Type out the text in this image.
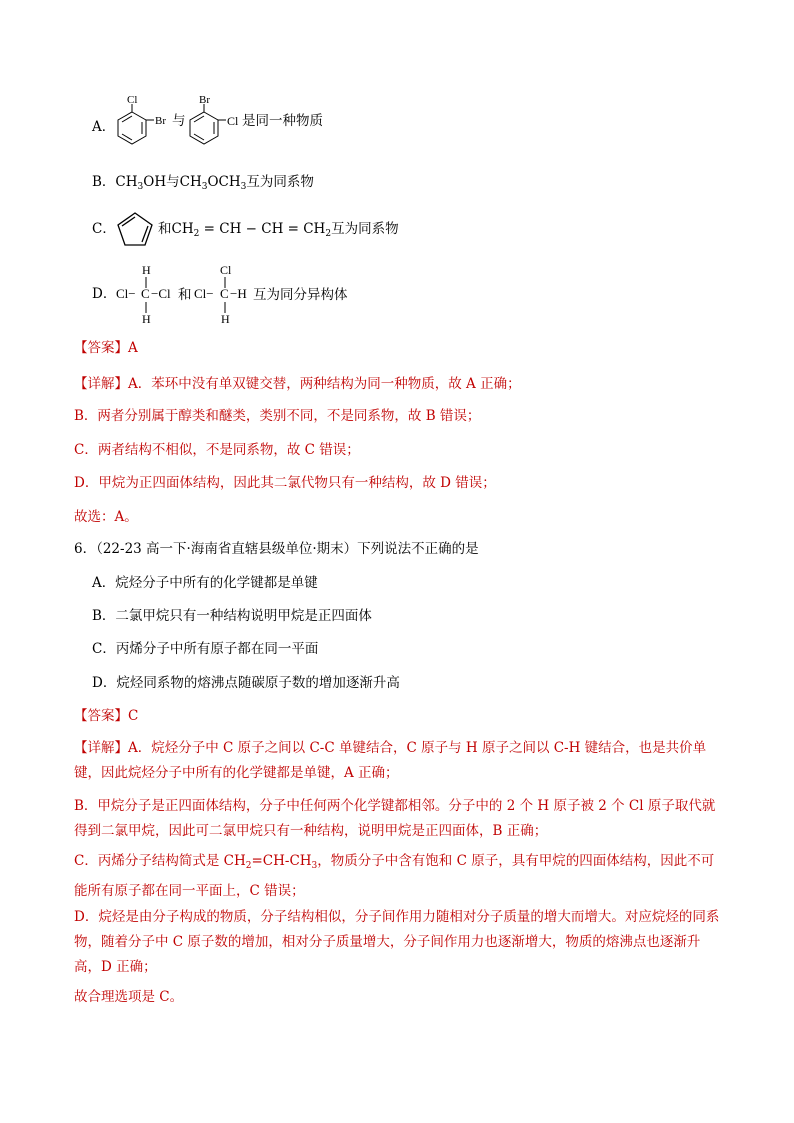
A．
Cl
Br 与
Br
Cl 是同一种物质
B．$CH_3OH$与$CH_3OCH_3$互为同系物
C．	和$CH_2$ = CH − CH = $CH_2$互为同系物
D．
H
Cl− C −Cl
H
和
Cl
Cl− C −H
H
互为同分异构体
【答案】A
【详解】A．苯环中没有单双键交替，两种结构为同一种物质，故 A 正确；
B．两者分别属于醇类和醚类，类别不同，不是同系物，故 B 错误；
C．两者结构不相似，不是同系物，故 C 错误；
D．甲烷为正四面体结构，因此其二氯代物只有一种结构，故 D 错误；
故选：A。
6．（22-23 高一下·海南省直辖县级单位·期末）下列说法不正确的是
A．烷烃分子中所有的化学键都是单键
B．二氯甲烷只有一种结构说明甲烷是正四面体
C．丙烯分子中所有原子都在同一平面
D．烷烃同系物的熔沸点随碳原子数的增加逐渐升高
【答案】C
【详解】A．烷烃分子中 C 原子之间以 C-C 单键结合，C 原子与 H 原子之间以 C-H 键结合，也是共价单键，因此烷烃分子中所有的化学键都是单键，A 正确；
B．甲烷分子是正四面体结构，分子中任何两个化学键都相邻。分子中的 2 个 H 原子被 2 个 Cl 原子取代就得到二氯甲烷，因此可二氯甲烷只有一种结构，说明甲烷是正四面体，B 正确；
C．丙烯分子结构简式是 $CH_2=CH-CH_3$，物质分子中含有饱和 C 原子，具有甲烷的四面体结构，因此不可能所有原子都在同一平面上，C 错误；
D．烷烃是由分子构成的物质，分子结构相似，分子间作用力随相对分子质量的增大而增大。对应烷烃的同系物，随着分子中 C 原子数的增加，相对分子质量增大，分子间作用力也逐渐增大，物质的熔沸点也逐渐升高，D 正确；
故合理选项是 C。
